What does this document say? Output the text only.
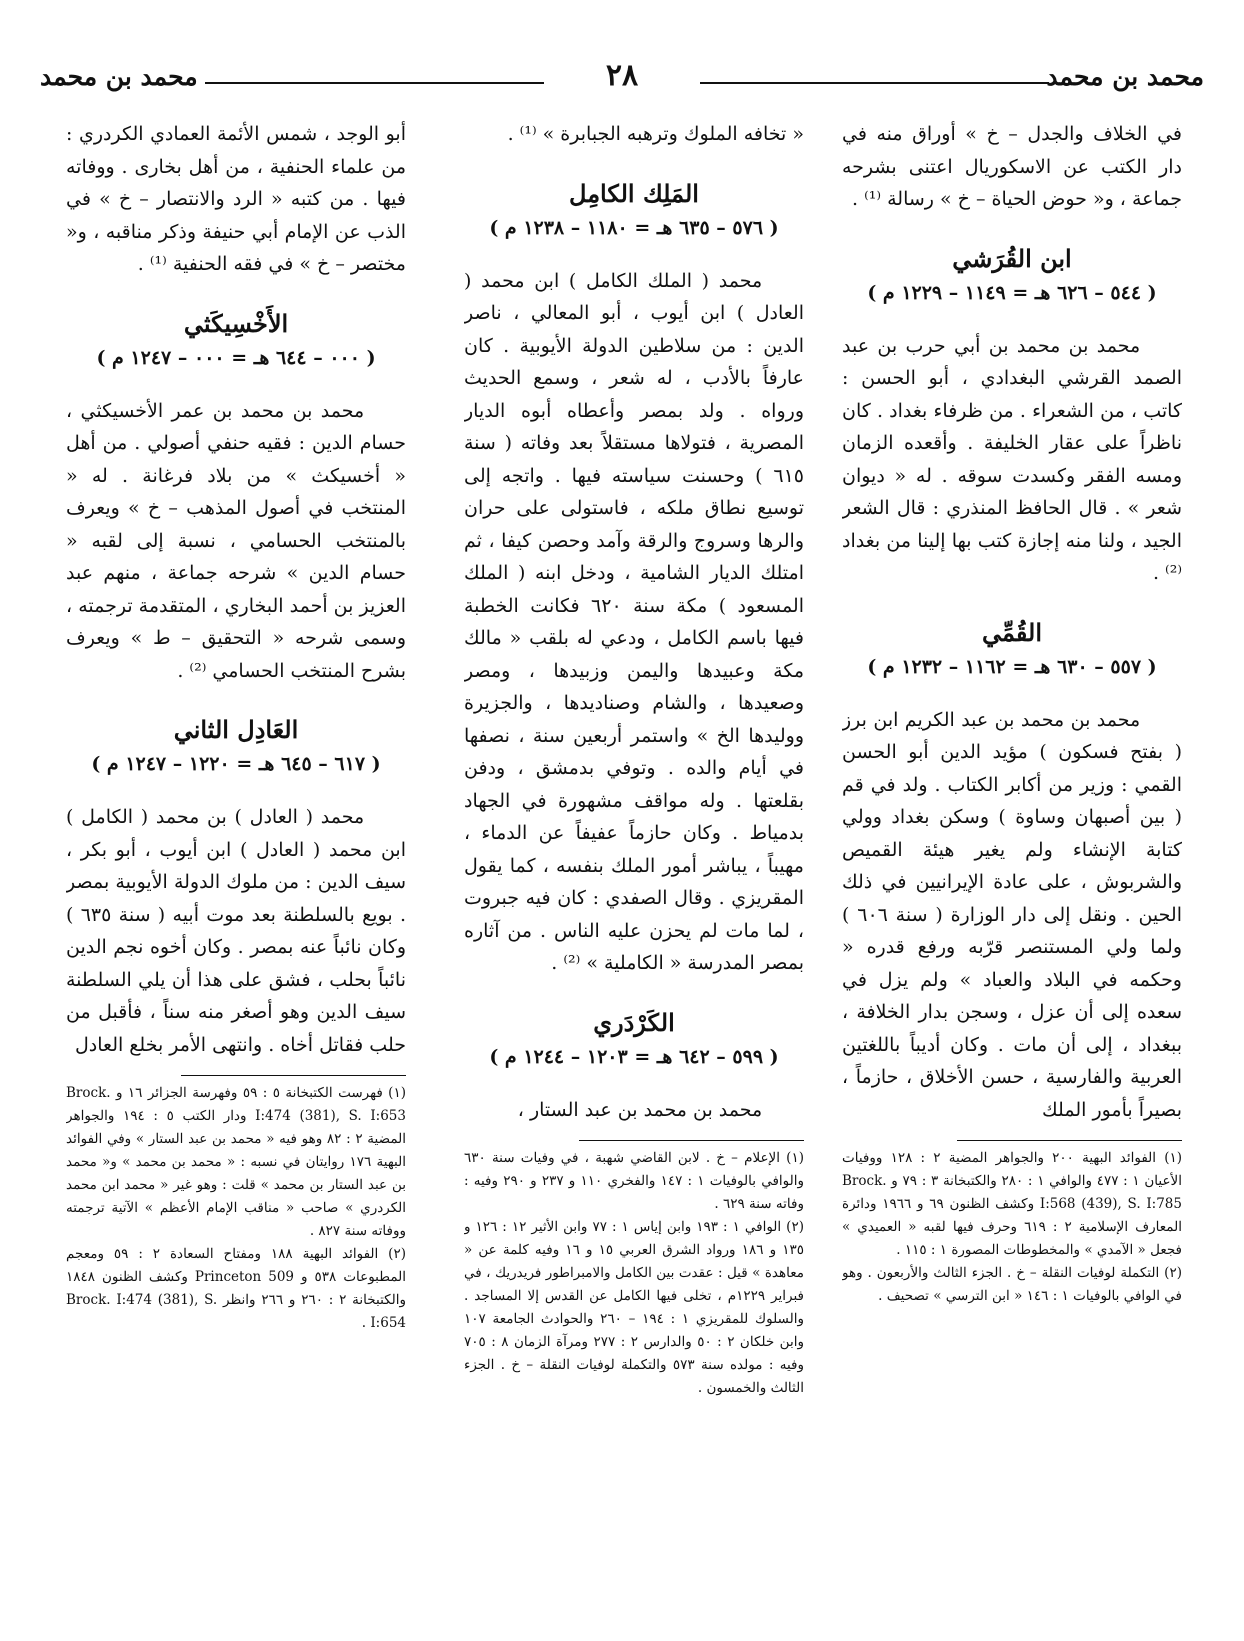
محمد بن محمد
٢٨
محمد بن محمد

في الخلاف والجدل – خ » أوراق منه في دار الكتب عن الاسكوريال اعتنى بشرحه جماعة ، و« حوض الحياة – خ » رسالة ⁽¹⁾ .

ابن القُرَشي
( ٥٤٤ – ٦٢٦ هـ = ١١٤٩ – ١٢٢٩ م )

محمد بن محمد بن أبي حرب بن عبد الصمد القرشي البغدادي ، أبو الحسن : كاتب ، من الشعراء . من ظرفاء بغداد . كان ناظراً على عقار الخليفة . وأقعده الزمان ومسه الفقر وكسدت سوقه . له « ديوان شعر » . قال الحافظ المنذري : قال الشعر الجيد ، ولنا منه إجازة كتب بها إلينا من بغداد ⁽²⁾ .

القُمِّي
( ٥٥٧ – ٦٣٠ هـ = ١١٦٢ – ١٢٣٢ م )

محمد بن محمد بن عبد الكريم ابن برز ( بفتح فسكون ) مؤيد الدين أبو الحسن القمي : وزير من أكابر الكتاب . ولد في قم ( بين أصبهان وساوة ) وسكن بغداد وولي كتابة الإنشاء ولم يغير هيئة القميص والشربوش ، على عادة الإيرانيين في ذلك الحين . ونقل إلى دار الوزارة ( سنة ٦٠٦ ) ولما ولي المستنصر قرّبه ورفع قدره « وحكمه في البلاد والعباد » ولم يزل في سعده إلى أن عزل ، وسجن بدار الخلافة ، ببغداد ، إلى أن مات . وكان أديباً باللغتين العربية والفارسية ، حسن الأخلاق ، حازماً ، بصيراً بأمور الملك

(١) الفوائد البهية ٢٠٠ والجواهر المضية ٢ : ١٢٨ ووفيات الأعيان ١ : ٤٧٧ والوافي ١ : ٢٨٠ والكتبخانة ٣ : ٧٩ و Brock. I:568 (439), S. I:785 وكشف الظنون ٦٩ و ١٩٦٦ ودائرة المعارف الإسلامية ٢ : ٦١٩ وحرف فيها لقبه « العميدي » فجعل « الآمدي » والمخطوطات المصورة ١ : ١١٥ .

(٢) التكملة لوفيات النقلة – خ . الجزء الثالث والأربعون . وهو في الوافي بالوفيات ١ : ١٤٦ « ابن الترسي » تصحيف .

« تخافه الملوك وترهبه الجبابرة » ⁽¹⁾ .

المَلِك الكامِل
( ٥٧٦ – ٦٣٥ هـ = ١١٨٠ – ١٢٣٨ م )

محمد ( الملك الكامل ) ابن محمد ( العادل ) ابن أيوب ، أبو المعالي ، ناصر الدين : من سلاطين الدولة الأيوبية . كان عارفاً بالأدب ، له شعر ، وسمع الحديث ورواه . ولد بمصر وأعطاه أبوه الديار المصرية ، فتولاها مستقلاً بعد وفاته ( سنة ٦١٥ ) وحسنت سياسته فيها . واتجه إلى توسيع نطاق ملكه ، فاستولى على حران والرها وسروج والرقة وآمد وحصن كيفا ، ثم امتلك الديار الشامية ، ودخل ابنه ( الملك المسعود ) مكة سنة ٦٢٠ فكانت الخطبة فيها باسم الكامل ، ودعي له بلقب « مالك مكة وعبيدها واليمن وزبيدها ، ومصر وصعيدها ، والشام وصناديدها ، والجزيرة ووليدها الخ » واستمر أربعين سنة ، نصفها في أيام والده . وتوفي بدمشق ، ودفن بقلعتها . وله مواقف مشهورة في الجهاد بدمياط . وكان حازماً عفيفاً عن الدماء ، مهيباً ، يباشر أمور الملك بنفسه ، كما يقول المقريزي . وقال الصفدي : كان فيه جبروت ، لما مات لم يحزن عليه الناس . من آثاره بمصر المدرسة « الكاملية » ⁽²⁾ .

الكَرْدَري
( ٥٩٩ – ٦٤٢ هـ = ١٢٠٣ – ١٢٤٤ م )

محمد بن محمد بن عبد الستار ،

(١) الإعلام – خ . لابن القاضي شهبة ، في وفيات سنة ٦٣٠ والوافي بالوفيات ١ : ١٤٧ والفخري ١١٠ و ٢٣٧ و ٢٩٠ وفيه : وفاته سنة ٦٢٩ .

(٢) الوافي ١ : ١٩٣ وابن إياس ١ : ٧٧ وابن الأثير ١٢ : ١٢٦ و ١٣٥ و ١٨٦ ورواد الشرق العربي ١٥ و ١٦ وفيه كلمة عن « معاهدة » قيل : عقدت بين الكامل والامبراطور فريدريك ، في فبراير ١٢٢٩م ، تخلى فيها الكامل عن القدس إلا المساجد . والسلوك للمقريزي ١ : ١٩٤ – ٢٦٠ والحوادث الجامعة ١٠٧ وابن خلكان ٢ : ٥٠ والدارس ٢ : ٢٧٧ ومرآة الزمان ٨ : ٧٠٥ وفيه : مولده سنة ٥٧٣ والتكملة لوفيات النقلة – خ . الجزء الثالث والخمسون .

أبو الوجد ، شمس الأئمة العمادي الكردري : من علماء الحنفية ، من أهل بخارى . ووفاته فيها . من كتبه « الرد والانتصار – خ » في الذب عن الإمام أبي حنيفة وذكر مناقبه ، و« مختصر – خ » في فقه الحنفية ⁽¹⁾ .

الأَخْسِيكَثي
( ٠٠٠ – ٦٤٤ هـ = ٠٠٠ – ١٢٤٧ م )

محمد بن محمد بن عمر الأخسيكثي ، حسام الدين : فقيه حنفي أصولي . من أهل « أخسيكث » من بلاد فرغانة . له « المنتخب في أصول المذهب – خ » ويعرف بالمنتخب الحسامي ، نسبة إلى لقبه « حسام الدين » شرحه جماعة ، منهم عبد العزيز بن أحمد البخاري ، المتقدمة ترجمته ، وسمى شرحه « التحقيق – ط » ويعرف بشرح المنتخب الحسامي ⁽²⁾ .

العَادِل الثاني
( ٦١٧ – ٦٤٥ هـ = ١٢٢٠ – ١٢٤٧ م )

محمد ( العادل ) بن محمد ( الكامل ) ابن محمد ( العادل ) ابن أيوب ، أبو بكر ، سيف الدين : من ملوك الدولة الأيوبية بمصر . بويع بالسلطنة بعد موت أبيه ( سنة ٦٣٥ ) وكان نائباً عنه بمصر . وكان أخوه نجم الدين نائباً بحلب ، فشق على هذا أن يلي السلطنة سيف الدين وهو أصغر منه سناً ، فأقبل من حلب فقاتل أخاه . وانتهى الأمر بخلع العادل

(١) فهرست الكتبخانة ٥ : ٥٩ وفهرسة الجزائر ١٦ و Brock. I:474 (381), S. I:653 ودار الكتب ٥ : ١٩٤ والجواهر المضية ٢ : ٨٢ وهو فيه « محمد بن عبد الستار » وفي الفوائد البهية ١٧٦ روايتان في نسبه : « محمد بن محمد » و« محمد بن عبد الستار بن محمد » قلت : وهو غير « محمد ابن محمد الكردري » صاحب « مناقب الإمام الأعظم » الآتية ترجمته ووفاته سنة ٨٢٧ .

(٢) الفوائد البهية ١٨٨ ومفتاح السعادة ٢ : ٥٩ ومعجم المطبوعات ٥٣٨ و Princeton 509 وكشف الظنون ١٨٤٨ والكتبخانة ٢ : ٢٦٠ و ٢٦٦ وانظر Brock. I:474 (381), S. I:654 .
